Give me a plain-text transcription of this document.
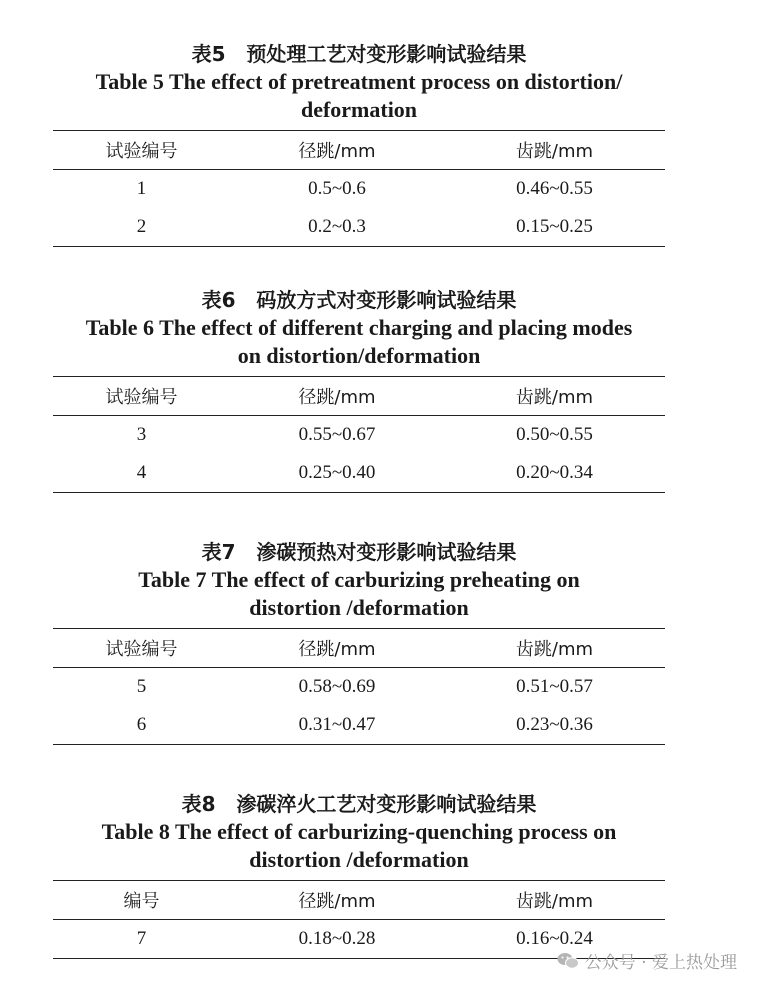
表5   预处理工艺对变形影响试验结果
Table 5 The effect of pretreatment process on distortion/
deformation
试验编号	径跳/mm	齿跳/mm
1	0.5~0.6	0.46~0.55
2	0.2~0.3	0.15~0.25
表6   码放方式对变形影响试验结果
Table 6 The effect of different charging and placing modes
on distortion/deformation
试验编号	径跳/mm	齿跳/mm
3	0.55~0.67	0.50~0.55
4	0.25~0.40	0.20~0.34
表7   渗碳预热对变形影响试验结果
Table 7 The effect of carburizing preheating on
distortion /deformation
试验编号	径跳/mm	齿跳/mm
5	0.58~0.69	0.51~0.57
6	0.31~0.47	0.23~0.36
表8   渗碳淬火工艺对变形影响试验结果
Table 8 The effect of carburizing-quenching process on
distortion /deformation
编号	径跳/mm	齿跳/mm
7	0.18~0.28	0.16~0.24
公众号 · 爱上热处理
